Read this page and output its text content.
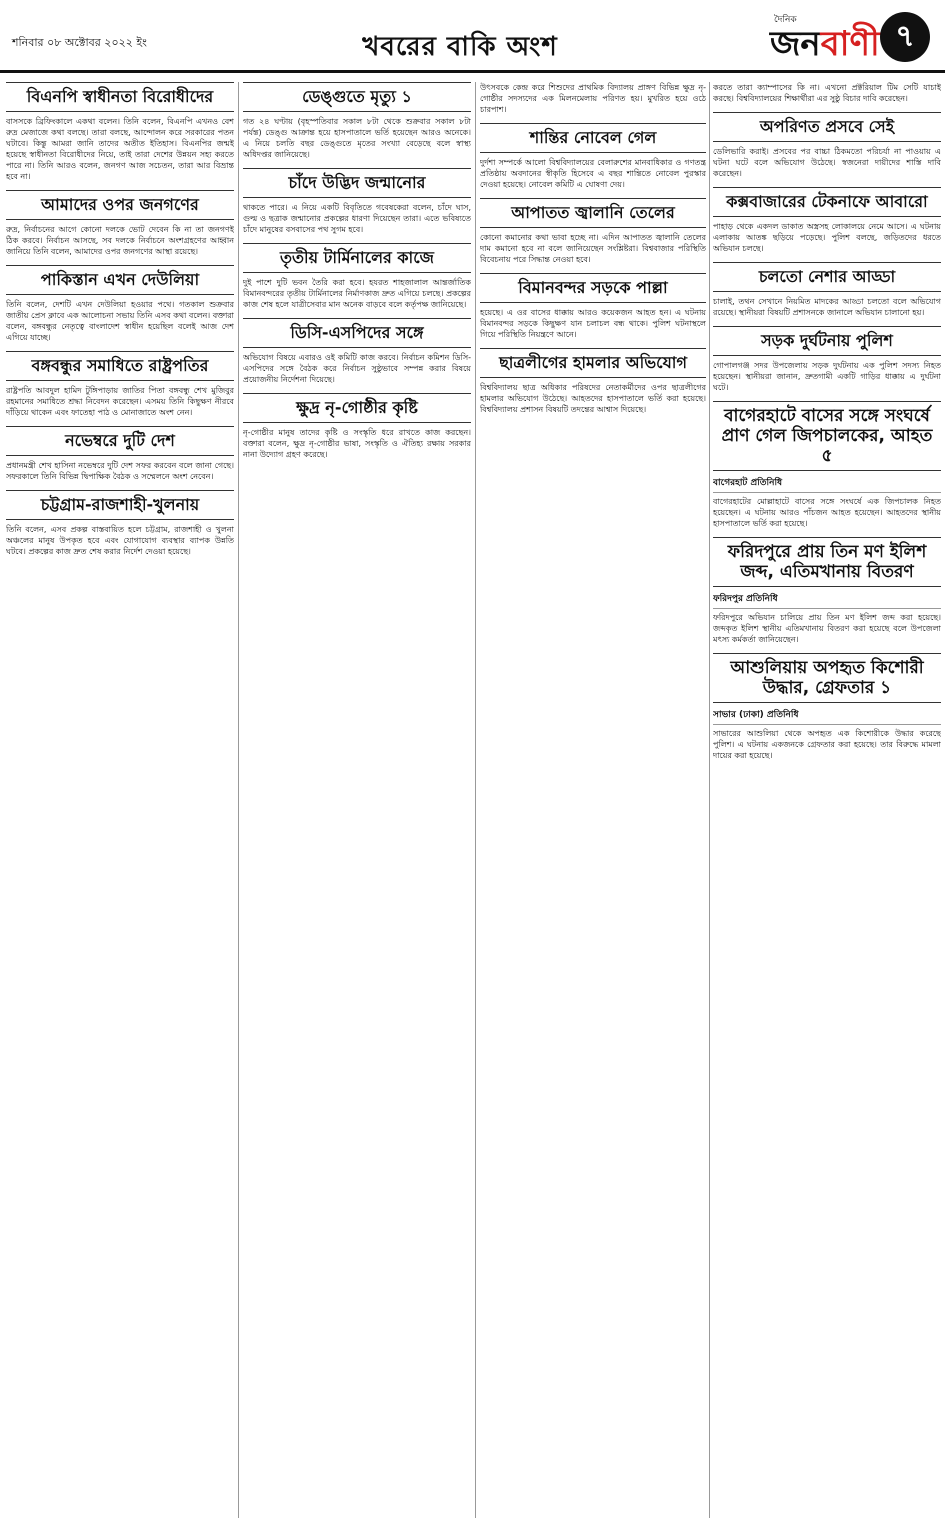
শনিবার ০৮ অক্টোবর ২০২২ ইং	খবরের বাকি অংশ
দৈনিক
জনবাণী ৭
বিএনপি স্বাধীনতা বিরোধীদের

বাসসকে ব্রিফিংকালে একথা বলেন। তিনি বলেন, বিএনপি এখনও বেশ রুদ্র মেজাজে কথা বলছে। তারা বলছে, আন্দোলন করে সরকারের পতন ঘটাবে। কিন্তু আমরা জানি তাদের অতীত ইতিহাস। বিএনপির জন্মই হয়েছে স্বাধীনতা বিরোধীদের নিয়ে, তাই তারা দেশের উন্নয়ন সহ্য করতে পারে না। তিনি আরও বলেন, জনগণ আজ সচেতন, তারা আর বিভ্রান্ত হবে না।

আমাদের ওপর জনগণের

রুদ্র, নির্বাচনের আগে কোনো দলকে ভোট দেবেন কি না তা জনগণই ঠিক করবে। নির্বাচন আসছে, সব দলকে নির্বাচনে অংশগ্রহণের আহ্বান জানিয়ে তিনি বলেন, আমাদের ওপর জনগণের আস্থা রয়েছে।

পাকিস্তান এখন দেউলিয়া

তিনি বলেন, দেশটি এখন দেউলিয়া হওয়ার পথে। গতকাল শুক্রবার জাতীয় প্রেস ক্লাবে এক আলোচনা সভায় তিনি এসব কথা বলেন। বক্তারা বলেন, বঙ্গবন্ধুর নেতৃত্বে বাংলাদেশ স্বাধীন হয়েছিল বলেই আজ দেশ এগিয়ে যাচ্ছে।

বঙ্গবন্ধুর সমাধিতে রাষ্ট্রপতির

রাষ্ট্রপতি আবদুল হামিদ টুঙ্গিপাড়ায় জাতির পিতা বঙ্গবন্ধু শেখ মুজিবুর রহমানের সমাধিতে শ্রদ্ধা নিবেদন করেছেন। এসময় তিনি কিছুক্ষণ নীরবে দাঁড়িয়ে থাকেন এবং ফাতেহা পাঠ ও মোনাজাতে অংশ নেন।

নভেম্বরে দুটি দেশ

প্রধানমন্ত্রী শেখ হাসিনা নভেম্বরে দুটি দেশ সফর করবেন বলে জানা গেছে। সফরকালে তিনি বিভিন্ন দ্বিপাক্ষিক বৈঠক ও সম্মেলনে অংশ নেবেন।

চট্টগ্রাম-রাজশাহী-খুলনায়

তিনি বলেন, এসব প্রকল্প বাস্তবায়িত হলে চট্টগ্রাম, রাজশাহী ও খুলনা অঞ্চলের মানুষ উপকৃত হবে এবং যোগাযোগ ব্যবস্থার ব্যাপক উন্নতি ঘটবে। প্রকল্পের কাজ দ্রুত শেষ করার নির্দেশ দেওয়া হয়েছে।

ডেঙ্গুতে মৃত্যু ১

গত ২৪ ঘণ্টায় (বৃহস্পতিবার সকাল ৮টা থেকে শুক্রবার সকাল ৮টা পর্যন্ত) ডেঙ্গু আক্রান্ত হয়ে হাসপাতালে ভর্তি হয়েছেন আরও অনেকে। এ নিয়ে চলতি বছর ডেঙ্গুতে মৃতের সংখ্যা বেড়েছে বলে স্বাস্থ্য অধিদপ্তর জানিয়েছে।

চাঁদে উদ্ভিদ জন্মানোর

থাকতে পারে। এ নিয়ে একটি বিবৃতিতে গবেষকেরা বলেন, চাঁদে ঘাস, গুল্ম ও ছত্রাক জন্মানোর প্রকল্পের ধারণা দিয়েছেন তারা। এতে ভবিষ্যতে চাঁদে মানুষের বসবাসের পথ সুগম হবে।

তৃতীয় টার্মিনালের কাজে

দুই পাশে দুটি ভবন তৈরি করা হবে। হযরত শাহজালাল আন্তর্জাতিক বিমানবন্দরের তৃতীয় টার্মিনালের নির্মাণকাজ দ্রুত এগিয়ে চলছে। প্রকল্পের কাজ শেষ হলে যাত্রীসেবার মান অনেক বাড়বে বলে কর্তৃপক্ষ জানিয়েছে।

ডিসি-এসপিদের সঙ্গে

অভিযোগ বিষয়ে এবারও ওই কমিটি কাজ করবে। নির্বাচন কমিশন ডিসি-এসপিদের সঙ্গে বৈঠক করে নির্বাচন সুষ্ঠুভাবে সম্পন্ন করার বিষয়ে প্রয়োজনীয় নির্দেশনা দিয়েছে।

ক্ষুদ্র নৃ-গোষ্ঠীর কৃষ্টি

নৃ-গোষ্ঠীর মানুষ তাদের কৃষ্টি ও সংস্কৃতি ধরে রাখতে কাজ করছেন। বক্তারা বলেন, ক্ষুদ্র নৃ-গোষ্ঠীর ভাষা, সংস্কৃতি ও ঐতিহ্য রক্ষায় সরকার নানা উদ্যোগ গ্রহণ করেছে।

উৎসবকে কেন্দ্র করে শিশুদের প্রাথমিক বিদ্যালয় প্রাঙ্গণ বিভিন্ন ক্ষুদ্র নৃ-গোষ্ঠীর সদস্যদের এক মিলনমেলায় পরিণত হয়। মুখরিত হয়ে ওঠে চারপাশ।

শান্তির নোবেল গেল

দুর্দশা সম্পর্কে আলো বিশ্ববিদ্যালয়ের বেলারুশের মানবাধিকার ও গণতন্ত্র প্রতিষ্ঠায় অবদানের স্বীকৃতি হিসেবে এ বছর শান্তিতে নোবেল পুরস্কার দেওয়া হয়েছে। নোবেল কমিটি এ ঘোষণা দেয়।

আপাতত জ্বালানি তেলের

কোনো কমানোর কথা ভাবা হচ্ছে না। এদিন আপাতত জ্বালানি তেলের দাম কমানো হবে না বলে জানিয়েছেন সংশ্লিষ্টরা। বিশ্ববাজার পরিস্থিতি বিবেচনায় পরে সিদ্ধান্ত নেওয়া হবে।

বিমানবন্দর সড়কে পাল্লা

হয়েছে। এ ওর বাসের ধাক্কায় আরও কয়েকজন আহত হন। এ ঘটনায় বিমানবন্দর সড়কে কিছুক্ষণ যান চলাচল বন্ধ থাকে। পুলিশ ঘটনাস্থলে গিয়ে পরিস্থিতি নিয়ন্ত্রণে আনে।

ছাত্রলীগের হামলার অভিযোগ

বিশ্ববিদ্যালয় ছাত্র অধিকার পরিষদের নেতাকর্মীদের ওপর ছাত্রলীগের হামলার অভিযোগ উঠেছে। আহতদের হাসপাতালে ভর্তি করা হয়েছে। বিশ্ববিদ্যালয় প্রশাসন বিষয়টি তদন্তের আশ্বাস দিয়েছে।

করতে তারা ক্যাম্পাসের কি না। এখনো প্রক্টরিয়াল টিম সেটি যাচাই করছে। বিশ্ববিদ্যালয়ের শিক্ষার্থীরা এর সুষ্ঠু বিচার দাবি করেছেন।

অপরিণত প্রসবে সেই

ডেলিভারি করাই। প্রসবের পর বাচ্চা ঠিকমতো পরিচর্যা না পাওয়ায় এ ঘটনা ঘটে বলে অভিযোগ উঠেছে। স্বজনেরা দায়ীদের শাস্তি দাবি করেছেন।

কক্সবাজারের টেকনাফে আবারো

পাহাড় থেকে একদল ডাকাত অস্ত্রসহ লোকালয়ে নেমে আসে। এ ঘটনায় এলাকায় আতঙ্ক ছড়িয়ে পড়েছে। পুলিশ বলছে, জড়িতদের ধরতে অভিযান চলছে।

চলতো নেশার আড্ডা

চালাই, তথন সেখানে নিয়মিত মাদকের আড্ডা চলতো বলে অভিযোগ রয়েছে। স্থানীয়রা বিষয়টি প্রশাসনকে জানালে অভিযান চালানো হয়।

সড়ক দুর্ঘটনায় পুলিশ

গোপালগঞ্জ সদর উপজেলায় সড়ক দুর্ঘটনায় এক পুলিশ সদস্য নিহত হয়েছেন। স্থানীয়রা জানান, দ্রুতগামী একটি গাড়ির ধাক্কায় এ দুর্ঘটনা ঘটে।

বাগেরহাটে বাসের সঙ্গে সংঘর্ষে প্রাণ গেল জিপচালকের, আহত ৫
বাগেরহাট প্রতিনিধি

বাগেরহাটের মোল্লাহাটে বাসের সঙ্গে সংঘর্ষে এক জিপচালক নিহত হয়েছেন। এ ঘটনায় আরও পাঁচজন আহত হয়েছেন। আহতদের স্থানীয় হাসপাতালে ভর্তি করা হয়েছে।

ফরিদপুরে প্রায় তিন মণ ইলিশ জব্দ, এতিমখানায় বিতরণ
ফরিদপুর প্রতিনিধি

ফরিদপুরে অভিযান চালিয়ে প্রায় তিন মণ ইলিশ জব্দ করা হয়েছে। জব্দকৃত ইলিশ স্থানীয় এতিমখানায় বিতরণ করা হয়েছে বলে উপজেলা মৎস্য কর্মকর্তা জানিয়েছেন।

আশুলিয়ায় অপহৃত কিশোরী উদ্ধার, গ্রেফতার ১
সাভার (ঢাকা) প্রতিনিধি

সাভারের আশুলিয়া থেকে অপহৃত এক কিশোরীকে উদ্ধার করেছে পুলিশ। এ ঘটনায় একজনকে গ্রেফতার করা হয়েছে। তার বিরুদ্ধে মামলা দায়ের করা হয়েছে।
